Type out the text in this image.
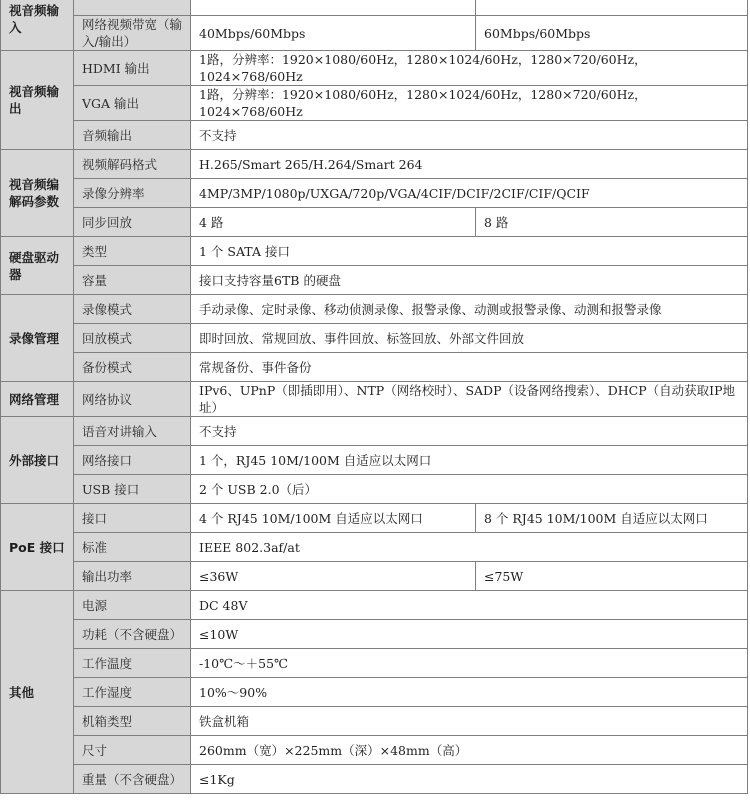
视音频输入			
	网络视频带宽（输入/输出）	40Mbps/60Mbps	60Mbps/60Mbps
视音频输出	HDMI 输出	1路，分辨率：1920×1080/60Hz，1280×1024/60Hz，1280×720/60Hz，1024×768/60Hz	
	VGA 输出	1路，分辨率：1920×1080/60Hz，1280×1024/60Hz，1280×720/60Hz，1024×768/60Hz	
	音频输出	不支持	
视音频编解码参数	视频解码格式	H.265/Smart 265/H.264/Smart 264	
	录像分辨率	4MP/3MP/1080p/UXGA/720p/VGA/4CIF/DCIF/2CIF/CIF/QCIF	
	同步回放	4 路	8 路
硬盘驱动器	类型	1 个 SATA 接口	
	容量	接口支持容量6TB 的硬盘	
录像管理	录像模式	手动录像、定时录像、移动侦测录像、报警录像、动测或报警录像、动测和报警录像	
	回放模式	即时回放、常规回放、事件回放、标签回放、外部文件回放	
	备份模式	常规备份、事件备份	
网络管理	网络协议	IPv6、UPnP（即插即用）、NTP（网络校时）、SADP（设备网络搜索）、DHCP（自动获取IP地址）	
外部接口	语音对讲输入	不支持	
	网络接口	1 个，RJ45 10M/100M 自适应以太网口	
	USB 接口	2 个 USB 2.0（后）	
PoE 接口	接口	4 个 RJ45 10M/100M 自适应以太网口	8 个 RJ45 10M/100M 自适应以太网口
	标准	IEEE 802.3af/at	
	输出功率	≤36W	≤75W
其他	电源	DC 48V	
	功耗（不含硬盘）	≤10W	
	工作温度	-10℃～＋55℃	
	工作湿度	10%～90%	
	机箱类型	铁盒机箱	
	尺寸	260mm（宽）×225mm（深）×48mm（高）	
	重量（不含硬盘）	≤1Kg	
